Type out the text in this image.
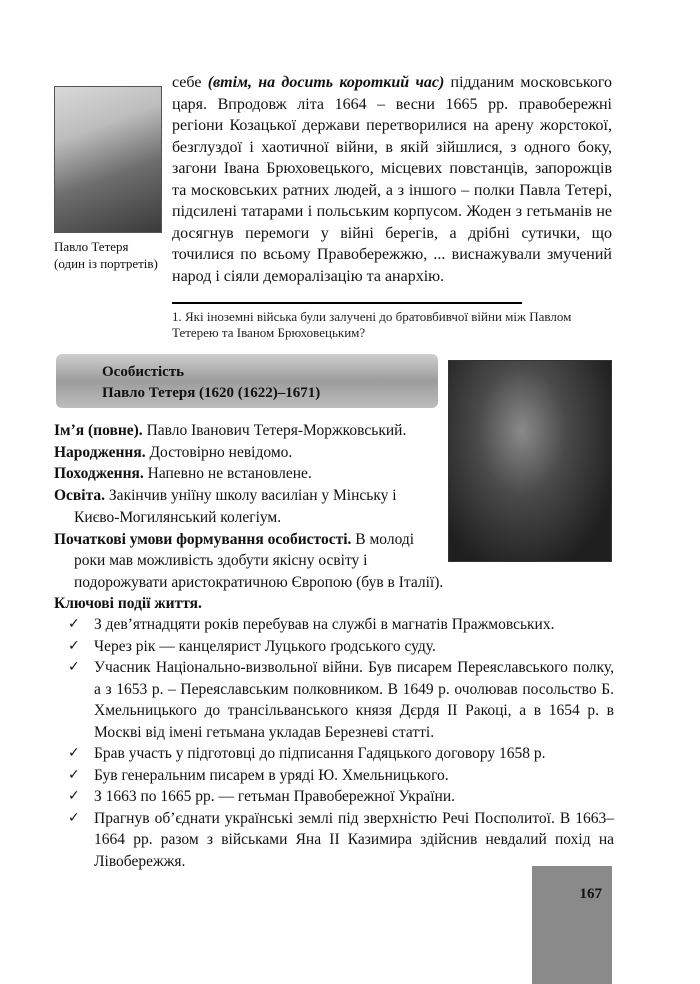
Павло Тетеря
(один із портретів)
себе (втім, на досить короткий час) підданим московського царя. Впродовж літа 1664 – весни 1665 рр. правобережні регіони Козацької держави перетворилися на арену жорстокої, безглуздої і хаотичної війни, в якій зійшлися, з одного боку, загони Івана Брюховецького, місцевих повстанців, запорожців та московських ратних людей, а з іншого – полки Павла Тетері, підсилені татарами і польським корпусом. Жоден з гетьманів не досягнув перемоги у війні берегів, а дрібні сутички, що точилися по всьому Правобережжю, ... виснажували змучений народ і сіяли деморалізацію та анархію.
1. Які іноземні війська були залучені до братовбивчої війни між Павлом Тетерею та Іваном Брюховецьким?
Особистість
Павло Тетеря (1620 (1622)–1671)
Ім’я (повне). Павло Іванович Тетеря-Моржковський.
Народження. Достовірно невідомо.
Походження. Напевно не встановлене.
Освіта. Закінчив уніїну школу василіан у Мінську і
Києво-Могилянський колегіум.
Початкові умови формування особистості. В молоді
роки мав можливість здобути якісну освіту і
подорожувати аристократичною Європою (був в Італії).
Ключові події життя.

✓ З дев’ятнадцяти років перебував на службі в магнатів Пражмовських.

✓ Через рік — канцелярист Луцького ґродського суду.

✓ Учасник Національно-визвольної війни. Був писарем Переяславського полку, а з 1653 р. – Переяславським полковником. В 1649 р. очолював посольство Б. Хмельницького до трансільванського князя Дєрдя II Ракоці, а в 1654 р. в Москві від імені гетьмана укладав Березневі статті.

✓ Брав участь у підготовці до підписання Гадяцького договору 1658 р.

✓ Був генеральним писарем в уряді Ю. Хмельницького.

✓ З 1663 по 1665 рр. — гетьман Правобережної України.

✓ Прагнув об’єднати українські землі під зверхністю Речі Посполитої. В 1663–1664 рр. разом з військами Яна II Казимира здійснив невдалий похід на Лівобережжя.

167
